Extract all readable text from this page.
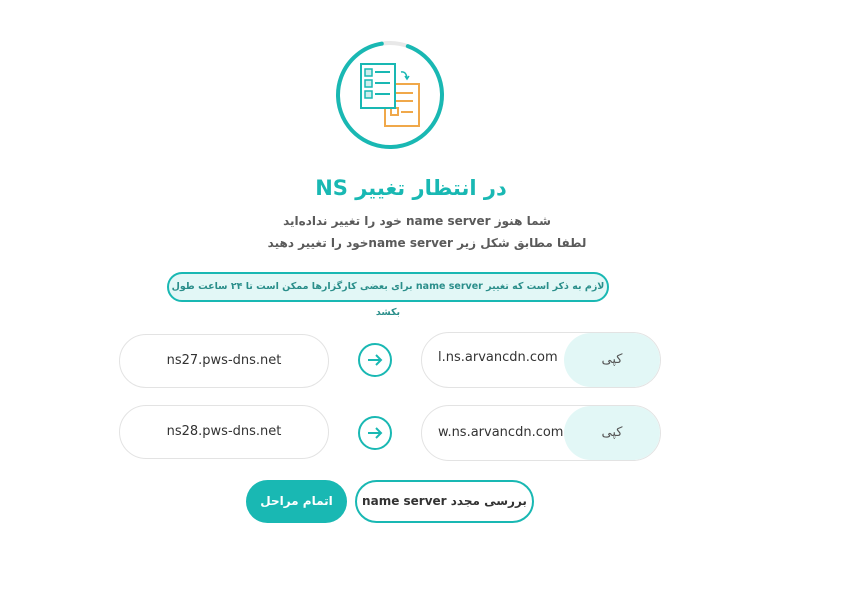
در انتظار تغییر NS
شما هنوز name server خود را تغییر نداده‌اید
لطفا مطابق شکل زیر name serverخود را تغییر دهید
لازم به ذکر است که تغییر name server برای بعضی کارگزارها ممکن است تا ۲۴ ساعت طول بکشد
ns27.pws-dns.net	l.ns.arvancdn.com	کپی
ns28.pws-dns.net	w.ns.arvancdn.com	کپی
اتمام مراحل	بررسی مجدد name server
